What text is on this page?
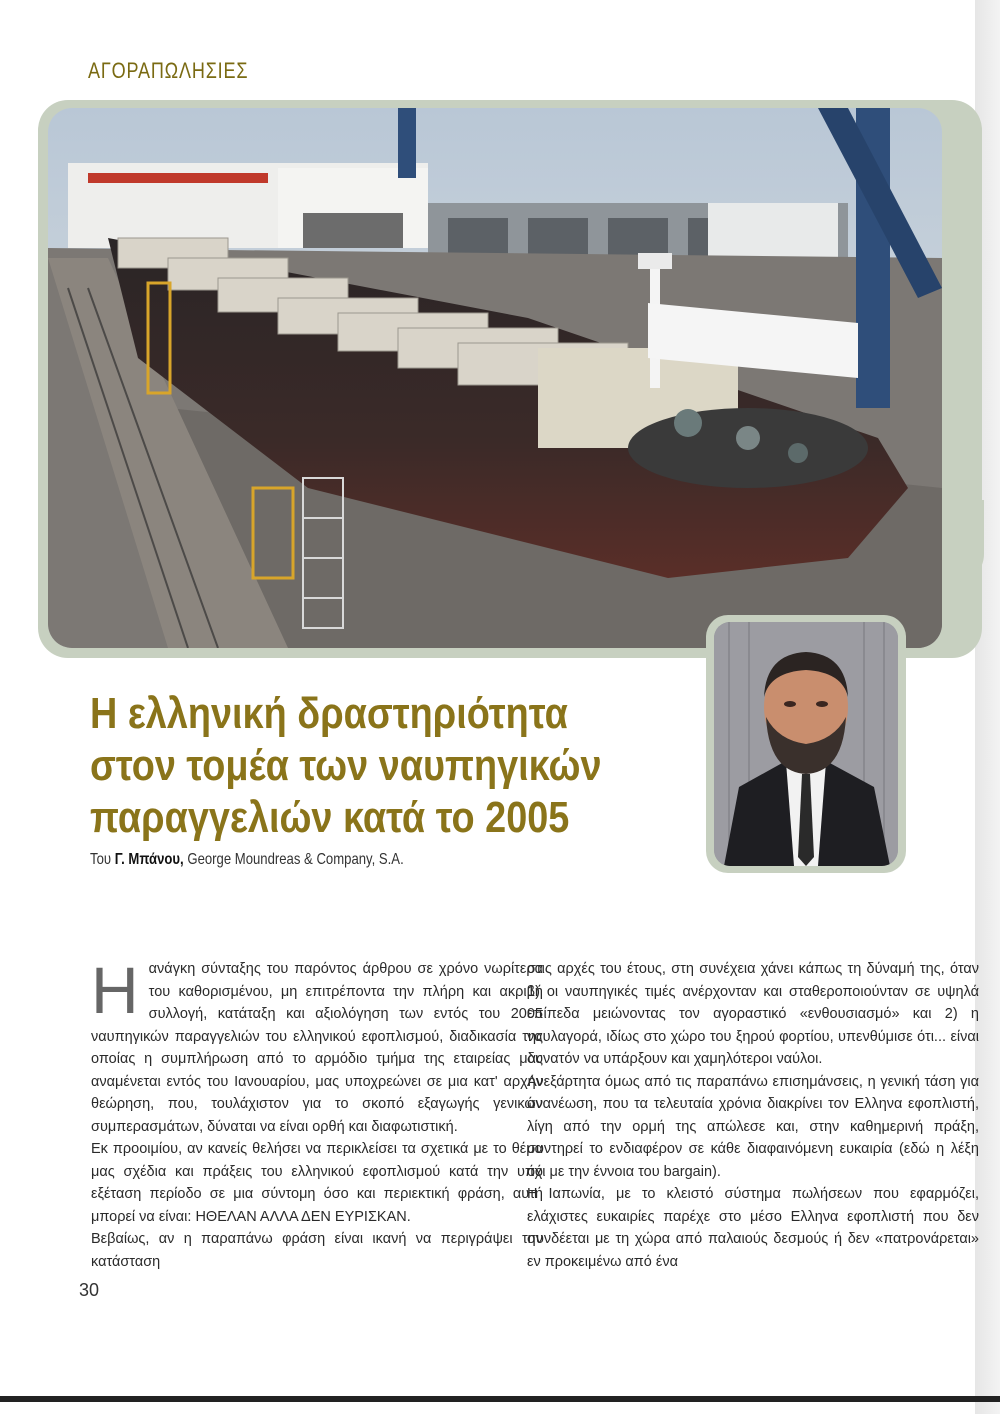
ΑΓΟΡΑΠΩΛΗΣΙΕΣ
Η ελληνική δραστηριότητα
στον τομέα των ναυπηγικών
παραγγελιών κατά το 2005
Του Γ. Μπάνου, George Moundreas & Company, S.A.
Η ανάγκη σύνταξης του παρόντος άρθρου σε χρόνο νωρίτερα του καθορισμένου, μη επιτρέποντα την πλήρη και ακριβή συλλογή, κατάταξη και αξιολόγηση των εντός του 2005 ναυπηγικών παραγγελιών του ελληνικού εφοπλισμού, διαδικασία της οποίας η συμπλήρωση από το αρμόδιο τμήμα της εταιρείας μας αναμένεται εντός του Ιανουαρίου, μας υποχρεώνει σε μια κατ' αρχήν θεώρηση, που, τουλάχιστον για το σκοπό εξαγωγής γενικών συμπερασμάτων, δύναται να είναι ορθή και διαφωτιστική.

Εκ προοιμίου, αν κανείς θελήσει να περικλείσει τα σχετικά με το θέμα μας σχέδια και πράξεις του ελληνικού εφοπλισμού κατά την υπό εξέταση περίοδο σε μια σύντομη όσο και περιεκτική φράση, αυτή μπορεί να είναι: ΗΘΕΛΑΝ ΑΛΛΑ ΔΕΝ ΕΥΡΙΣΚΑΝ.

Βεβαίως, αν η παραπάνω φράση είναι ικανή να περιγράψει την κατάσταση

στις αρχές του έτους, στη συνέχεια χάνει κάπως τη δύναμή της, όταν 1) οι ναυπηγικές τιμές ανέρχονταν και σταθεροποιούνταν σε υψηλά επίπεδα μειώνοντας τον αγοραστικό «ενθουσιασμό» και 2) η ναυλαγορά, ιδίως στο χώρο του ξηρού φορτίου, υπενθύμισε ότι... είναι δυνατόν να υπάρξουν και χαμηλότεροι ναύλοι.

Ανεξάρτητα όμως από τις παραπάνω επισημάνσεις, η γενική τάση για ανανέωση, που τα τελευταία χρόνια διακρίνει τον Ελληνα εφοπλιστή, λίγη από την ορμή της απώλεσε και, στην καθημερινή πράξη, συντηρεί το ενδιαφέρον σε κάθε διαφαινόμενη ευκαιρία (εδώ η λέξη όχι με την έννοια του bargain).

Η Ιαπωνία, με το κλειστό σύστημα πωλήσεων που εφαρμόζει, ελάχιστες ευκαιρίες παρέχε στο μέσο Ελληνα εφοπλιστή που δεν συνδέεται με τη χώρα από παλαιούς δεσμούς ή δεν «πατρονάρεται» εν προκειμένω από ένα

30
